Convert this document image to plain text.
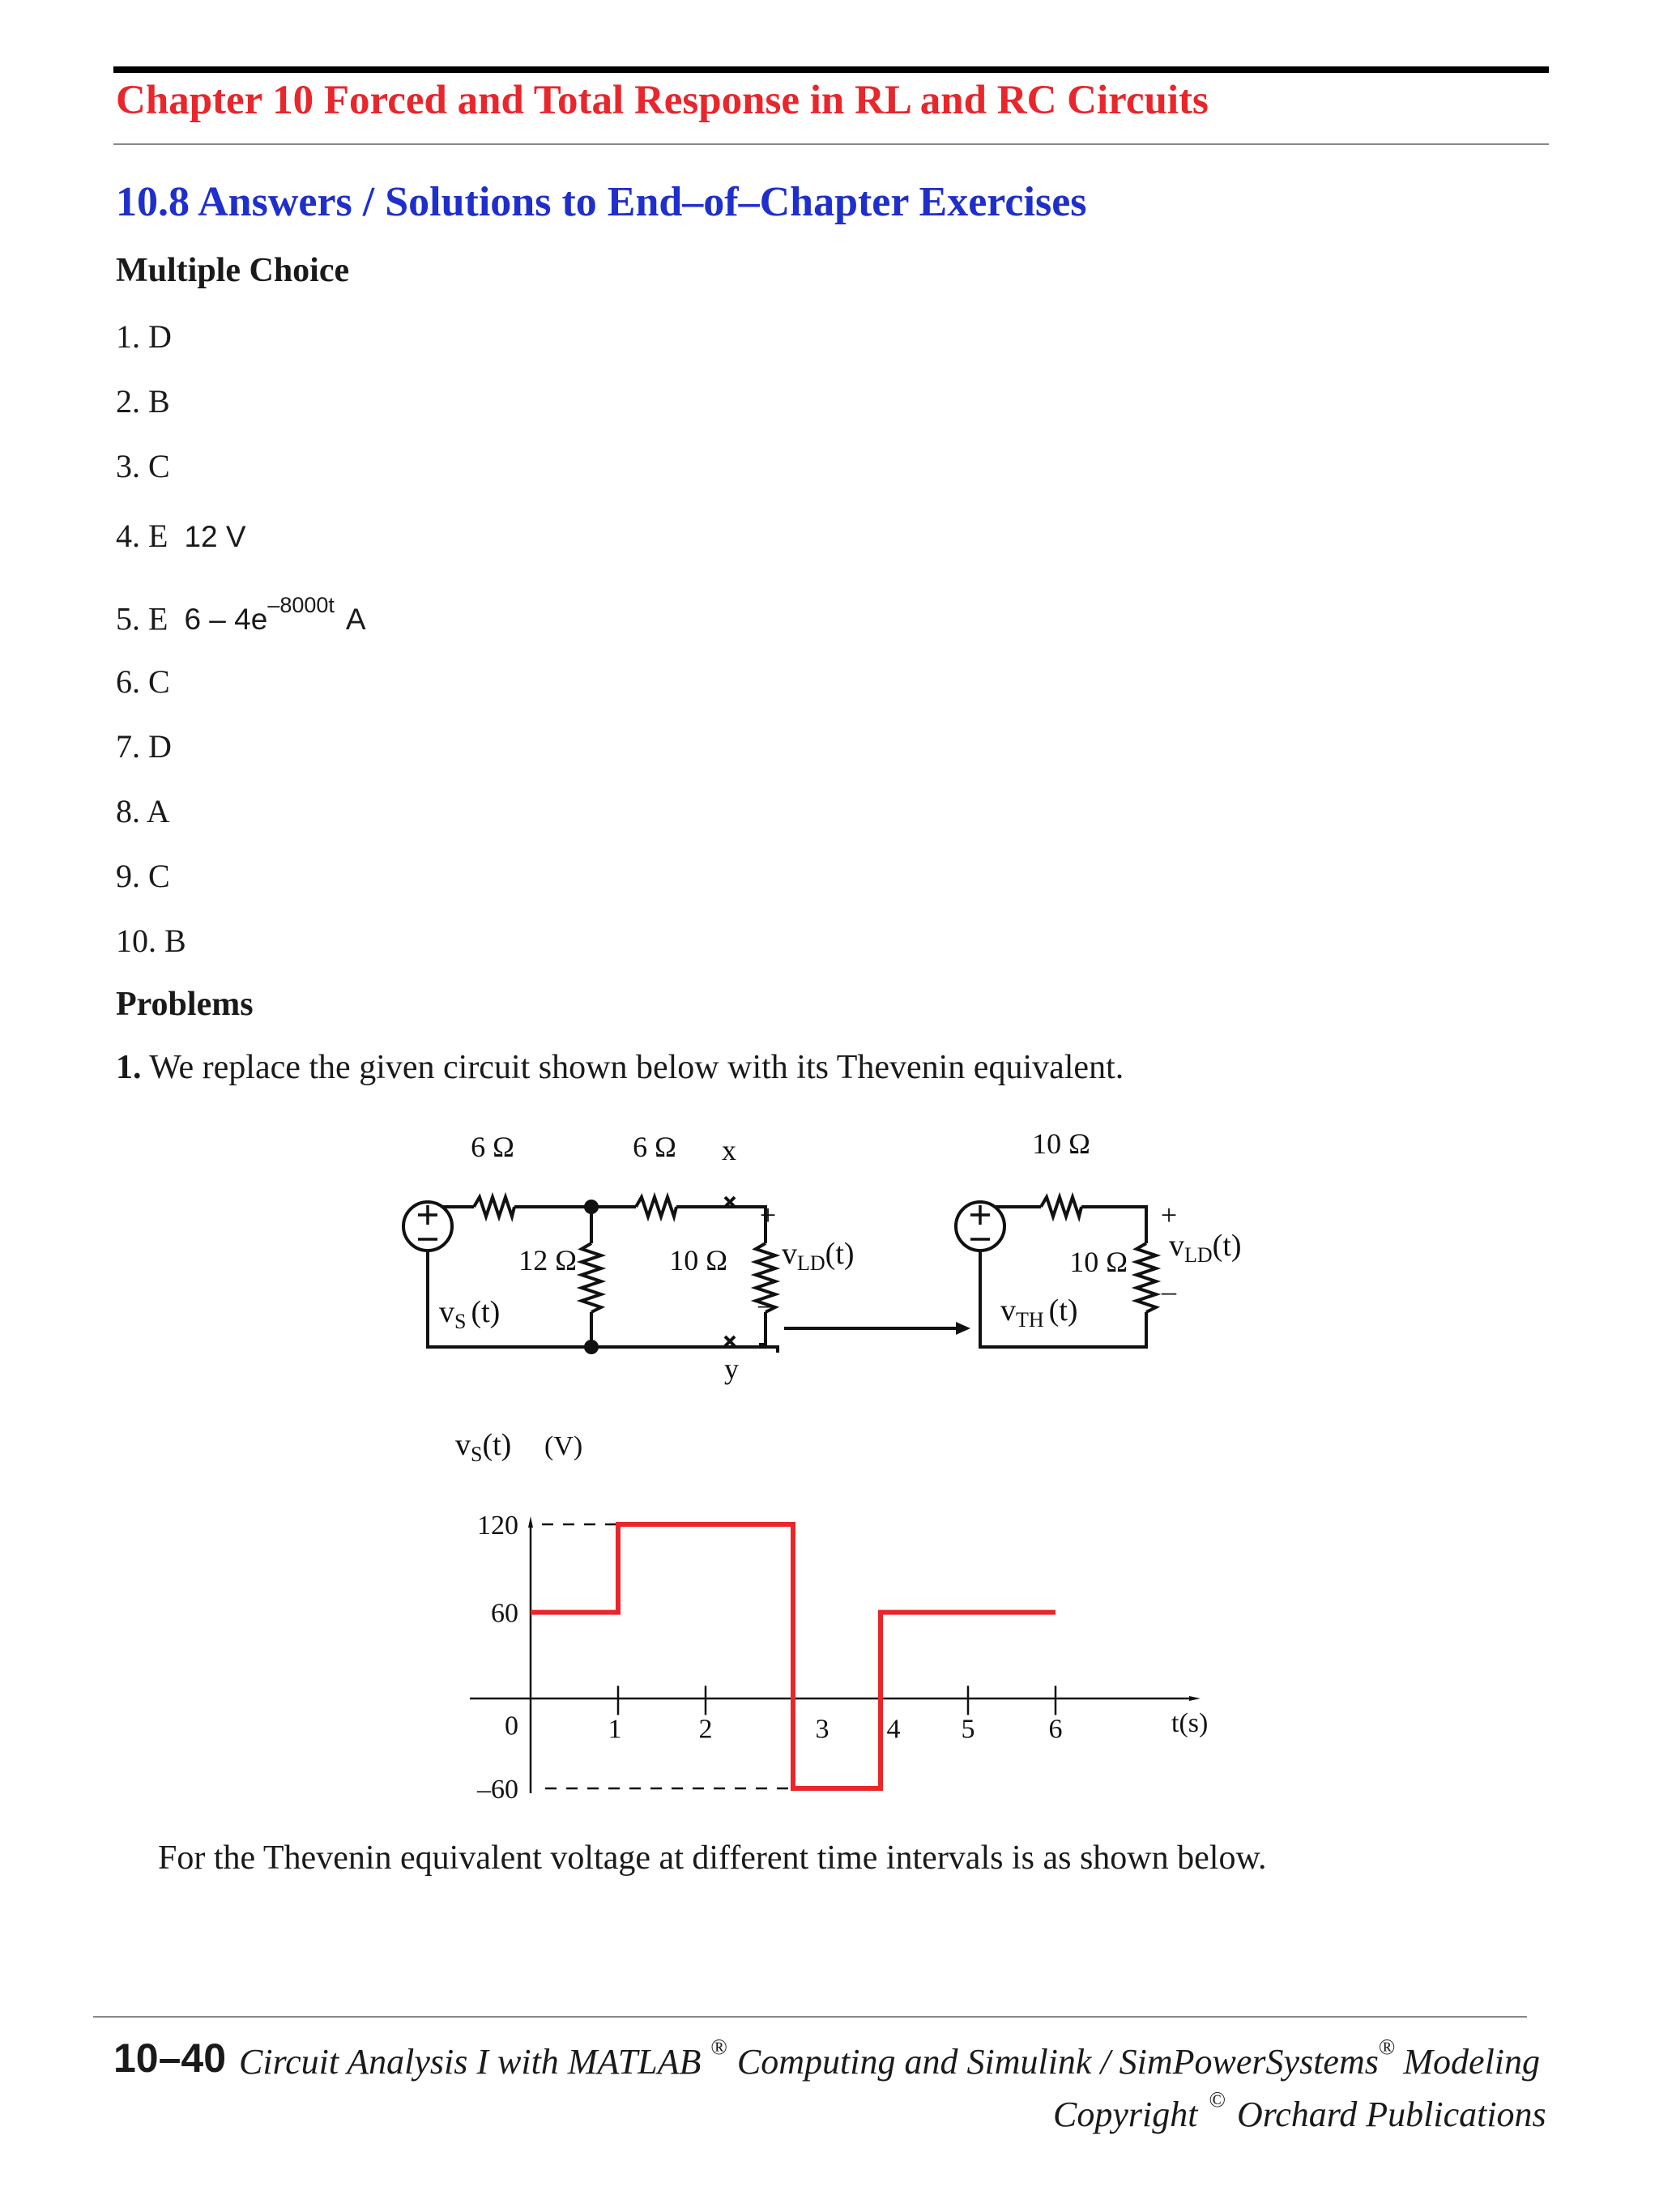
Chapter 10 Forced and Total Response in RL and RC Circuits
10.8 Answers / Solutions to End–of–Chapter Exercises
Multiple Choice
1. D
2. B
3. C
4. E 12 V
5. E $6 - 4e^{-8000t}$ A
6. C
7. D
8. A
9. C
10. B
Problems
1. We replace the given circuit shown below with its Thevenin equivalent.
6 Ω	6 Ω x
12 Ω	10 Ω
+
–
y
10 Ω
10 Ω
+
–
$v_S$ (t)
$v_{LD}(t)$	$v_{LD}(t)$
$v_{TH}$ (t)
120
60
0
–60
1	2	3 4 5	6
$v_S(t)$ (V)
t(s)
For the Thevenin equivalent voltage at different time intervals is as shown below.
10–40 Circuit Analysis I with MATLAB ® Computing and Simulink / SimPowerSystems® Modeling
Copyright © Orchard Publications
